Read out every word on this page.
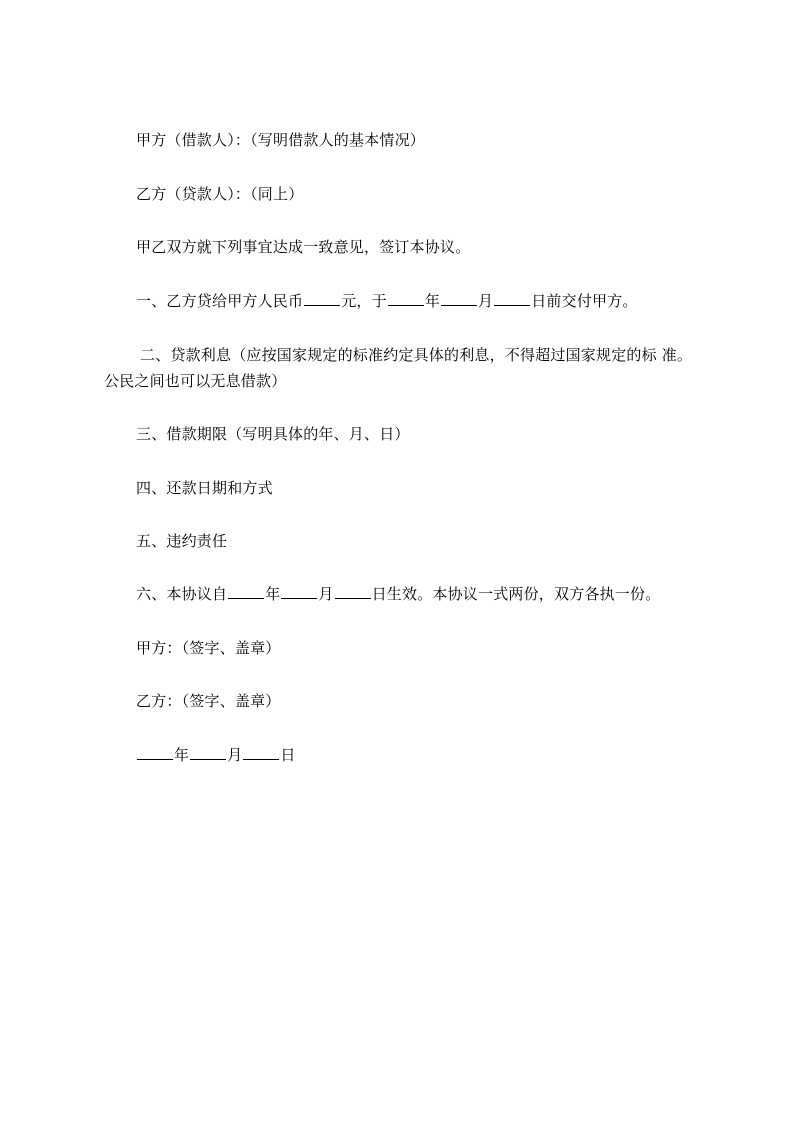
甲方（借款人）：（写明借款人的基本情况）
乙方（贷款人）：（同上）
甲乙双方就下列事宜达成一致意见，签订本协议。
一、乙方贷给甲方人民币	元，于	年	月	日前交付甲方。
二、贷款利息（应按国家规定的标准约定具体的利息，不得超过国家规定的标 准。
公民之间也可以无息借款）
三、借款期限（写明具体的年、月、日）
四、还款日期和方式
五、违约责任
六、本协议自	年	月	日生效。本协议一式两份，双方各执一份。
甲方：（签字、盖章）
乙方：（签字、盖章）
年	月	日
